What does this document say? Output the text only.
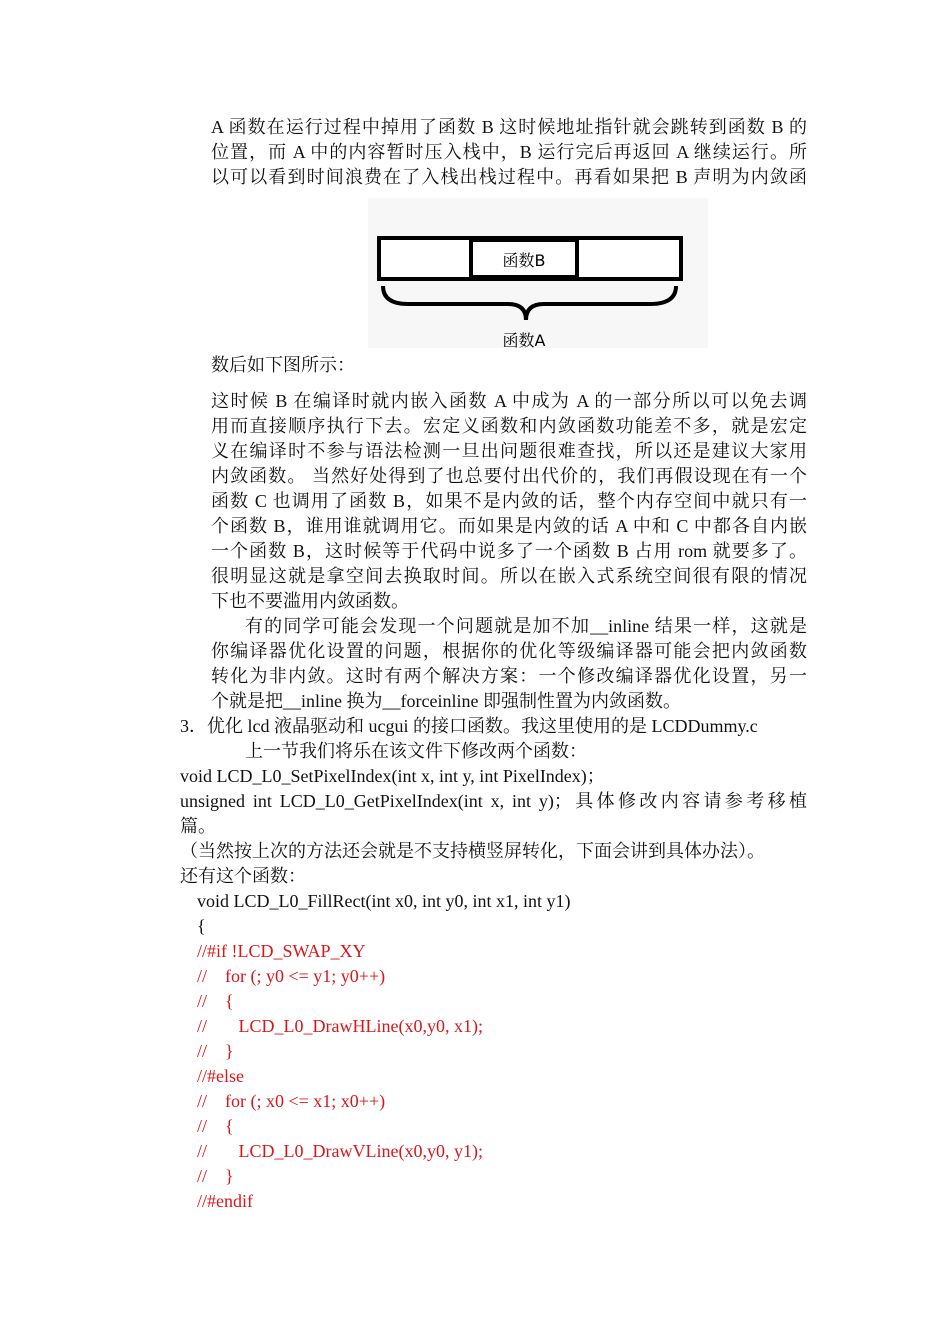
A 函数在运行过程中掉用了函数 B 这时候地址指针就会跳转到函数 B 的
位置，而 A 中的内容暂时压入栈中，B 运行完后再返回 A 继续运行。所
以可以看到时间浪费在了入栈出栈过程中。再看如果把 B 声明为内敛函
函数B
函数A
数后如下图所示：
这时候 B 在编译时就内嵌入函数 A 中成为 A 的一部分所以可以免去调
用而直接顺序执行下去。宏定义函数和内敛函数功能差不多，就是宏定
义在编译时不参与语法检测一旦出问题很难查找，所以还是建议大家用
内敛函数。 当然好处得到了也总要付出代价的，我们再假设现在有一个
函数 C 也调用了函数 B，如果不是内敛的话，整个内存空间中就只有一
个函数 B，谁用谁就调用它。而如果是内敛的话 A 中和 C 中都各自内嵌
一个函数 B，这时候等于代码中说多了一个函数 B 占用 rom 就要多了。
很明显这就是拿空间去换取时间。所以在嵌入式系统空间很有限的情况
下也不要滥用内敛函数。
有的同学可能会发现一个问题就是加不加__inline 结果一样，这就是
你编译器优化设置的问题，根据你的优化等级编译器可能会把内敛函数
转化为非内敛。这时有两个解决方案：一个修改编译器优化设置，另一
个就是把__inline 换为__forceinline 即强制性置为内敛函数。
3．优化 lcd 液晶驱动和 ucgui 的接口函数。我这里使用的是 LCDDummy.c
上一节我们将乐在该文件下修改两个函数：
void LCD_L0_SetPixelIndex(int x, int y, int PixelIndex)；
unsigned int LCD_L0_GetPixelIndex(int x, int y)；具体修改内容请参考移植
篇。
（当然按上次的方法还会就是不支持横竖屏转化，下面会讲到具体办法）。
还有这个函数：
void LCD_L0_FillRect(int x0, int y0, int x1, int y1)
{
//#if !LCD_SWAP_XY
//    for (; y0 <= y1; y0++)
//    {
//       LCD_L0_DrawHLine(x0,y0, x1);
//    }
//#else
//    for (; x0 <= x1; x0++)
//    {
//       LCD_L0_DrawVLine(x0,y0, y1);
//    }
//#endif
